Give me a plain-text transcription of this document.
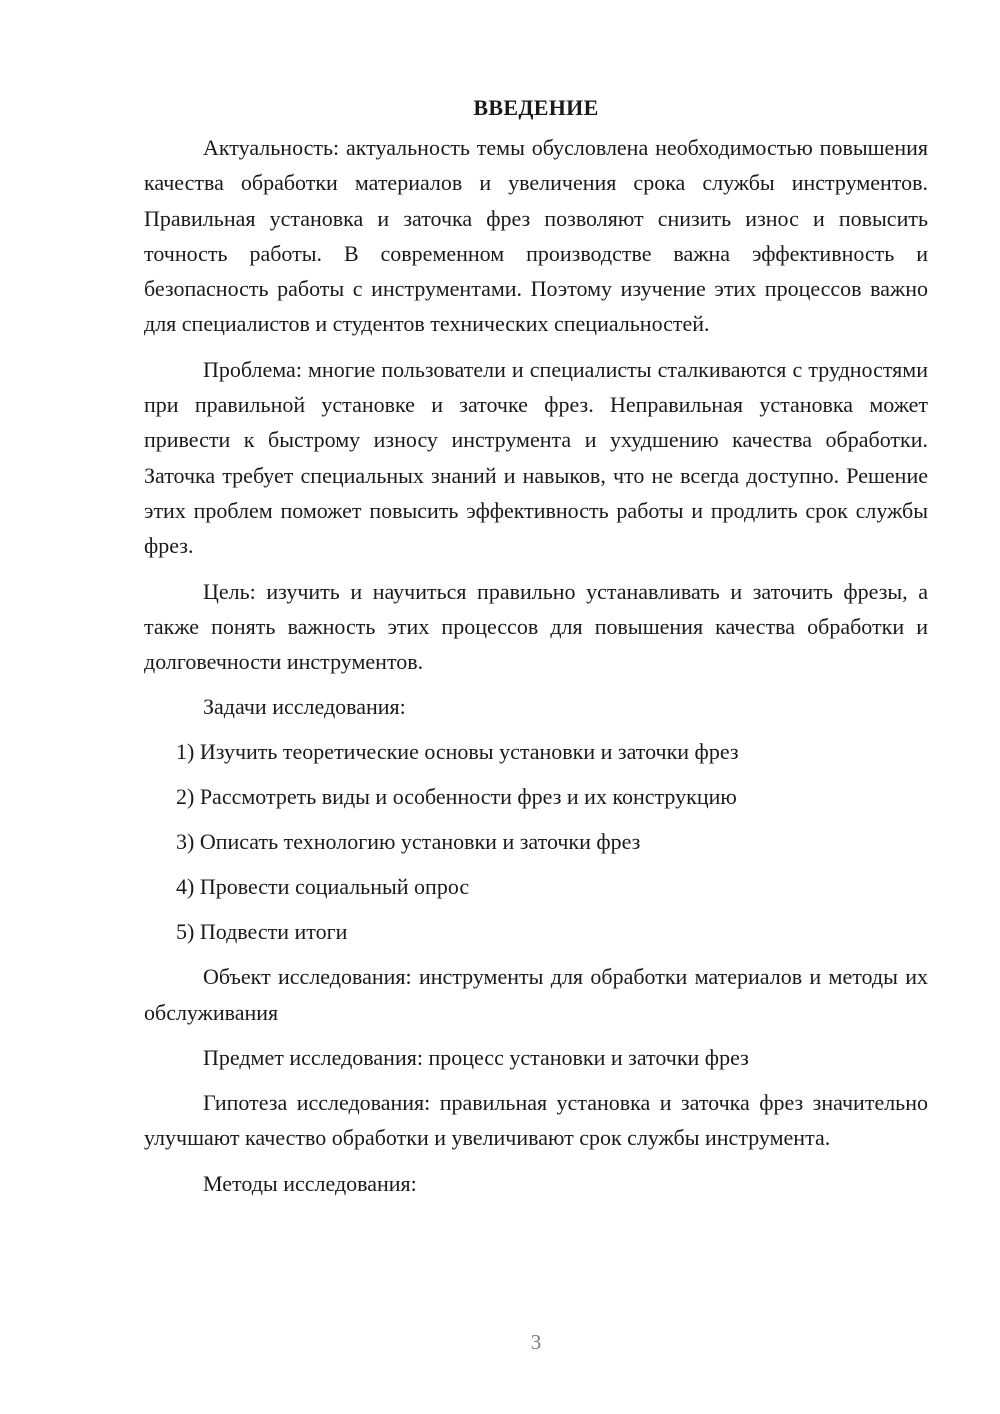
ВВЕДЕНИЕ

Актуальность: актуальность темы обусловлена необходимостью повышения качества обработки материалов и увеличения срока службы инструментов. Правильная установка и заточка фрез позволяют снизить износ и повысить точность работы. В современном производстве важна эффективность и безопасность работы с инструментами. Поэтому изучение этих процессов важно для специалистов и студентов технических специальностей.

Проблема: многие пользователи и специалисты сталкиваются с трудностями при правильной установке и заточке фрез. Неправильная установка может привести к быстрому износу инструмента и ухудшению качества обработки. Заточка требует специальных знаний и навыков, что не всегда доступно. Решение этих проблем поможет повысить эффективность работы и продлить срок службы фрез.

Цель: изучить и научиться правильно устанавливать и заточить фрезы, а также понять важность этих процессов для повышения качества обработки и долговечности инструментов.

Задачи исследования:

1) Изучить теоретические основы установки и заточки фрез
2) Рассмотреть виды и особенности фрез и их конструкцию
3) Описать технологию установки и заточки фрез
4) Провести социальный опрос
5) Подвести итоги

Объект исследования: инструменты для обработки материалов и методы их обслуживания

Предмет исследования: процесс установки и заточки фрез

Гипотеза исследования: правильная установка и заточка фрез значительно улучшают качество обработки и увеличивают срок службы инструмента.

Методы исследования:

3
